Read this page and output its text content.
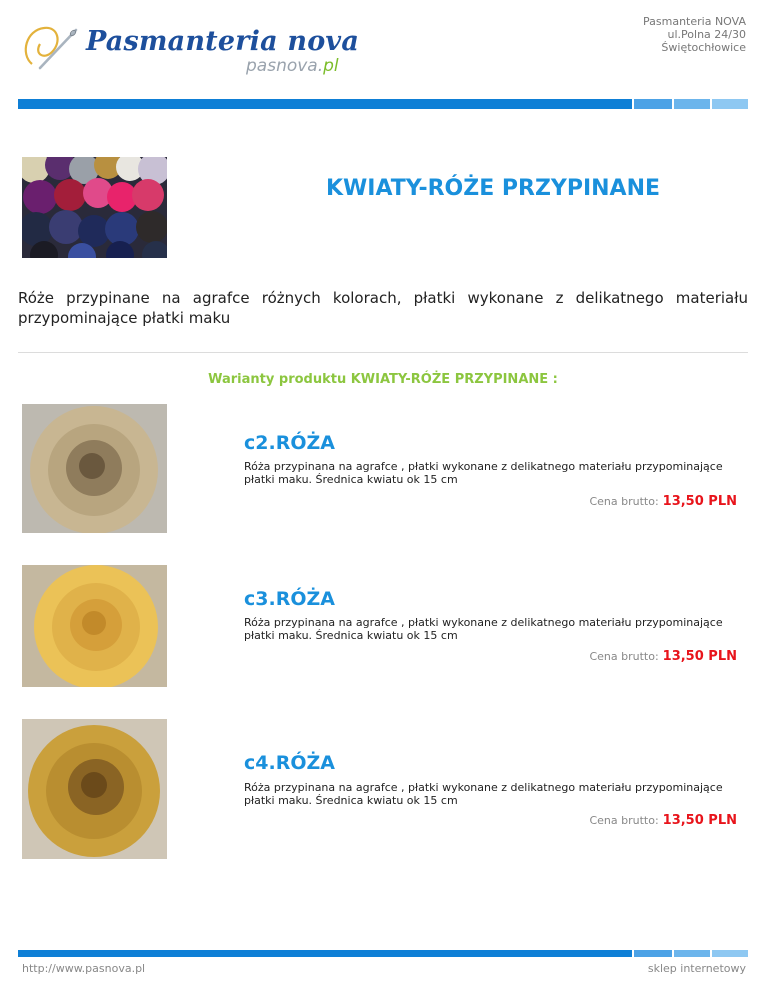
Pasmanteria nova
pasnova.pl
Pasmanteria NOVA
ul.Polna 24/30
Świętochłowice
KWIATY-RÓŻE PRZYPINANE
Róże przypinane na agrafce różnych kolorach, płatki wykonane z delikatnego materiału przypominające płatki maku
Warianty produktu KWIATY-RÓŻE PRZYPINANE :
c2.RÓŻA
Róża przypinana na agrafce , płatki wykonane z delikatnego materiału przypominające płatki maku. Średnica kwiatu ok 15 cm
Cena brutto: 13,50 PLN
c3.RÓŻA
Róża przypinana na agrafce , płatki wykonane z delikatnego materiału przypominające płatki maku. Średnica kwiatu ok 15 cm
Cena brutto: 13,50 PLN
c4.RÓŻA
Róża przypinana na agrafce , płatki wykonane z delikatnego materiału przypominające płatki maku. Średnica kwiatu ok 15 cm
Cena brutto: 13,50 PLN
http://www.pasnova.pl	sklep internetowy
